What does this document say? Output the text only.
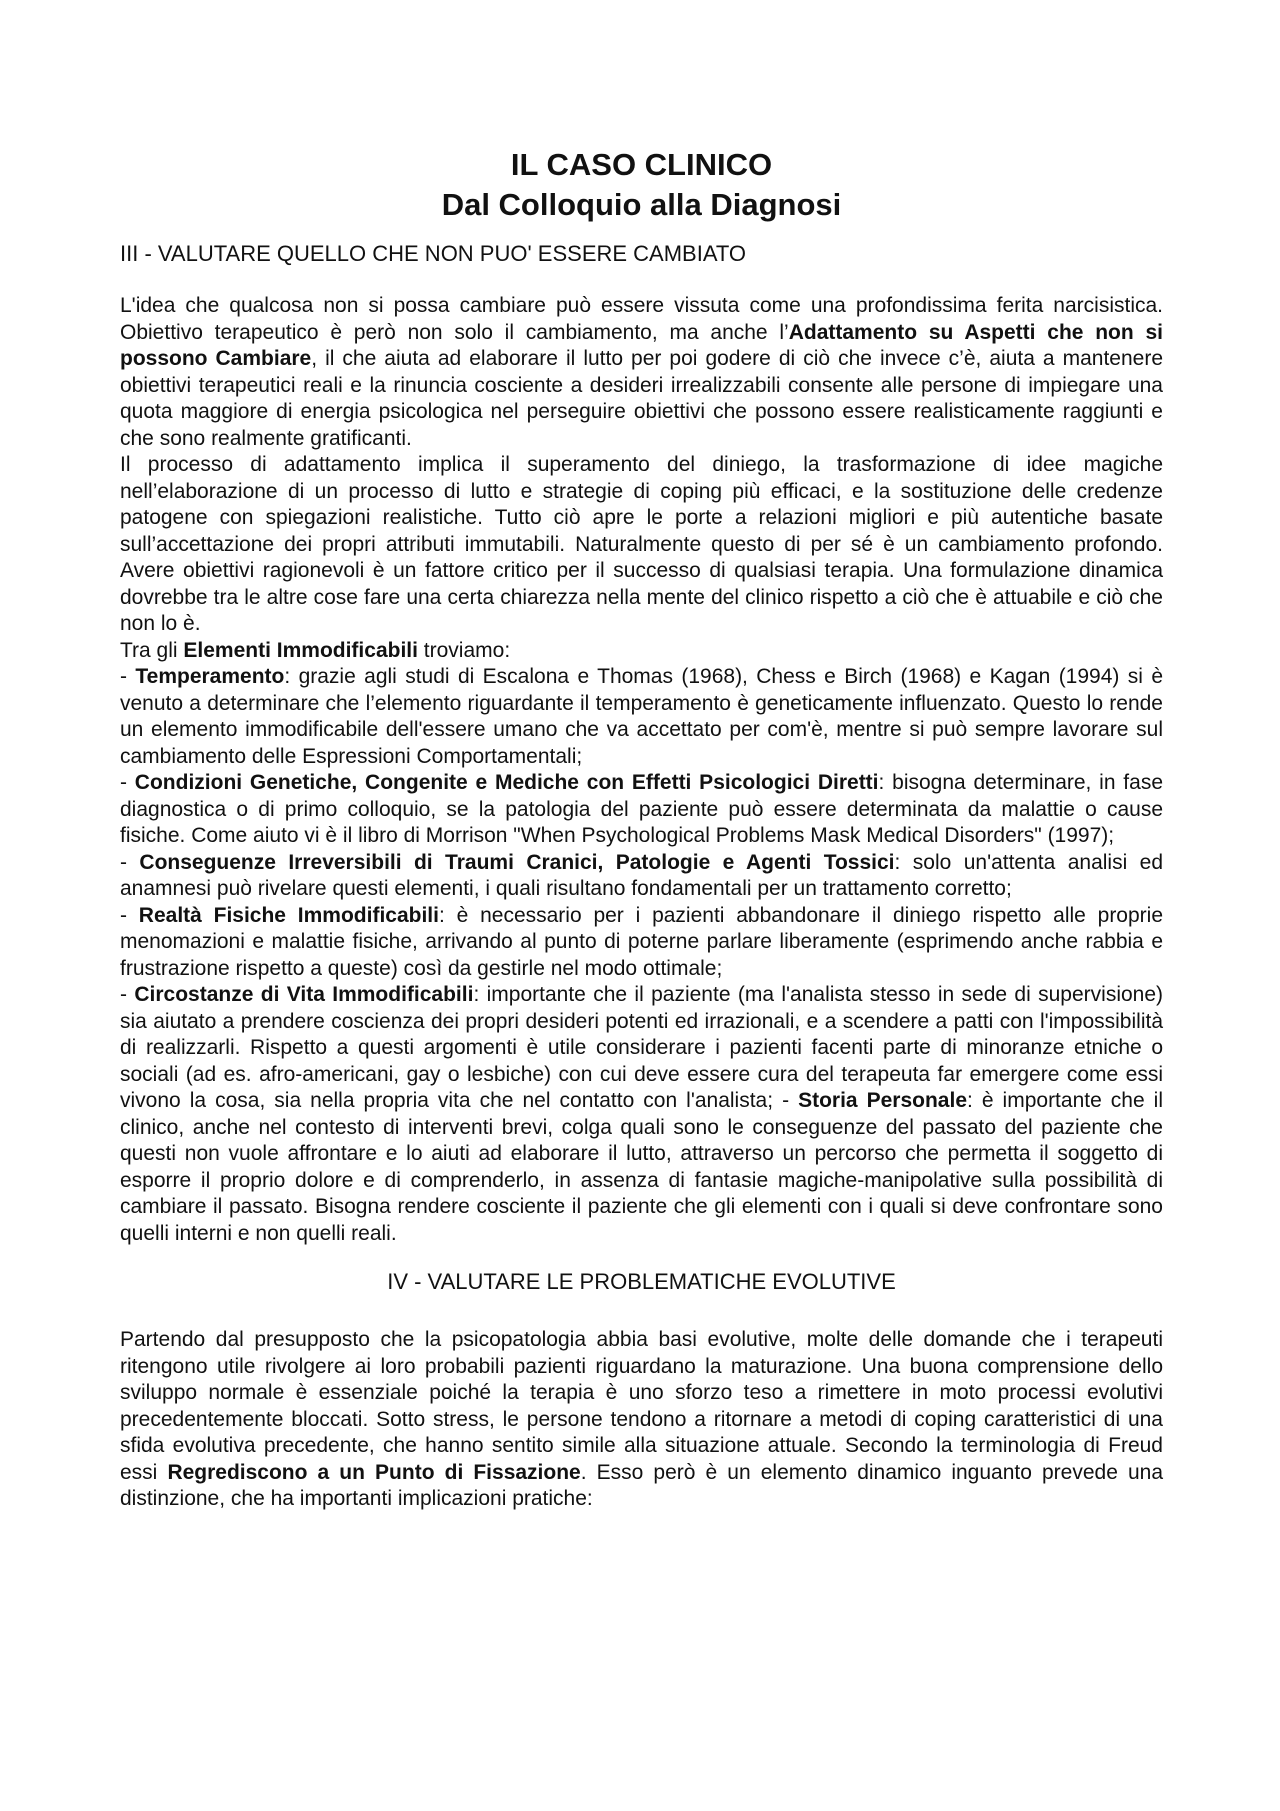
IL CASO CLINICO
Dal Colloquio alla Diagnosi
III - VALUTARE QUELLO CHE NON PUO' ESSERE CAMBIATO

L'idea che qualcosa non si possa cambiare può essere vissuta come una profondissima ferita narcisistica. Obiettivo terapeutico è però non solo il cambiamento, ma anche l’Adattamento su Aspetti che non si possono Cambiare, il che aiuta ad elaborare il lutto per poi godere di ciò che invece c’è, aiuta a mantenere obiettivi terapeutici reali e la rinuncia cosciente a desideri irrealizzabili consente alle persone di impiegare una quota maggiore di energia psicologica nel perseguire obiettivi che possono essere realisticamente raggiunti e che sono realmente gratificanti.

Il processo di adattamento implica il superamento del diniego, la trasformazione di idee magiche nell’elaborazione di un processo di lutto e strategie di coping più efficaci, e la sostituzione delle credenze patogene con spiegazioni realistiche. Tutto ciò apre le porte a relazioni migliori e più autentiche basate sull’accettazione dei propri attributi immutabili. Naturalmente questo di per sé è un cambiamento profondo. Avere obiettivi ragionevoli è un fattore critico per il successo di qualsiasi terapia. Una formulazione dinamica dovrebbe tra le altre cose fare una certa chiarezza nella mente del clinico rispetto a ciò che è attuabile e ciò che non lo è.

Tra gli Elementi Immodificabili troviamo:

- Temperamento: grazie agli studi di Escalona e Thomas (1968), Chess e Birch (1968) e Kagan (1994) si è venuto a determinare che l’elemento riguardante il temperamento è geneticamente influenzato. Questo lo rende un elemento immodificabile dell'essere umano che va accettato per com'è, mentre si può sempre lavorare sul cambiamento delle Espressioni Comportamentali;

- Condizioni Genetiche, Congenite e Mediche con Effetti Psicologici Diretti: bisogna determinare, in fase diagnostica o di primo colloquio, se la patologia del paziente può essere determinata da malattie o cause fisiche. Come aiuto vi è il libro di Morrison "When Psychological Problems Mask Medical Disorders" (1997);

- Conseguenze Irreversibili di Traumi Cranici, Patologie e Agenti Tossici: solo un'attenta analisi ed anamnesi può rivelare questi elementi, i quali risultano fondamentali per un trattamento corretto;

- Realtà Fisiche Immodificabili: è necessario per i pazienti abbandonare il diniego rispetto alle proprie menomazioni e malattie fisiche, arrivando al punto di poterne parlare liberamente (esprimendo anche rabbia e frustrazione rispetto a queste) così da gestirle nel modo ottimale;

- Circostanze di Vita Immodificabili: importante che il paziente (ma l'analista stesso in sede di supervisione) sia aiutato a prendere coscienza dei propri desideri potenti ed irrazionali, e a scendere a patti con l'impossibilità di realizzarli. Rispetto a questi argomenti è utile considerare i pazienti facenti parte di minoranze etniche o sociali (ad es. afro-americani, gay o lesbiche) con cui deve essere cura del terapeuta far emergere come essi vivono la cosa, sia nella propria vita che nel contatto con l'analista; - Storia Personale: è importante che il clinico, anche nel contesto di interventi brevi, colga quali sono le conseguenze del passato del paziente che questi non vuole affrontare e lo aiuti ad elaborare il lutto, attraverso un percorso che permetta il soggetto di esporre il proprio dolore e di comprenderlo, in assenza di fantasie magiche-manipolative sulla possibilità di cambiare il passato. Bisogna rendere cosciente il paziente che gli elementi con i quali si deve confrontare sono quelli interni e non quelli reali.

IV - VALUTARE LE PROBLEMATICHE EVOLUTIVE

Partendo dal presupposto che la psicopatologia abbia basi evolutive, molte delle domande che i terapeuti ritengono utile rivolgere ai loro probabili pazienti riguardano la maturazione. Una buona comprensione dello sviluppo normale è essenziale poiché la terapia è uno sforzo teso a rimettere in moto processi evolutivi precedentemente bloccati. Sotto stress, le persone tendono a ritornare a metodi di coping caratteristici di una sfida evolutiva precedente, che hanno sentito simile alla situazione attuale. Secondo la terminologia di Freud essi Regrediscono a un Punto di Fissazione. Esso però è un elemento dinamico inguanto prevede una distinzione, che ha importanti implicazioni pratiche:
